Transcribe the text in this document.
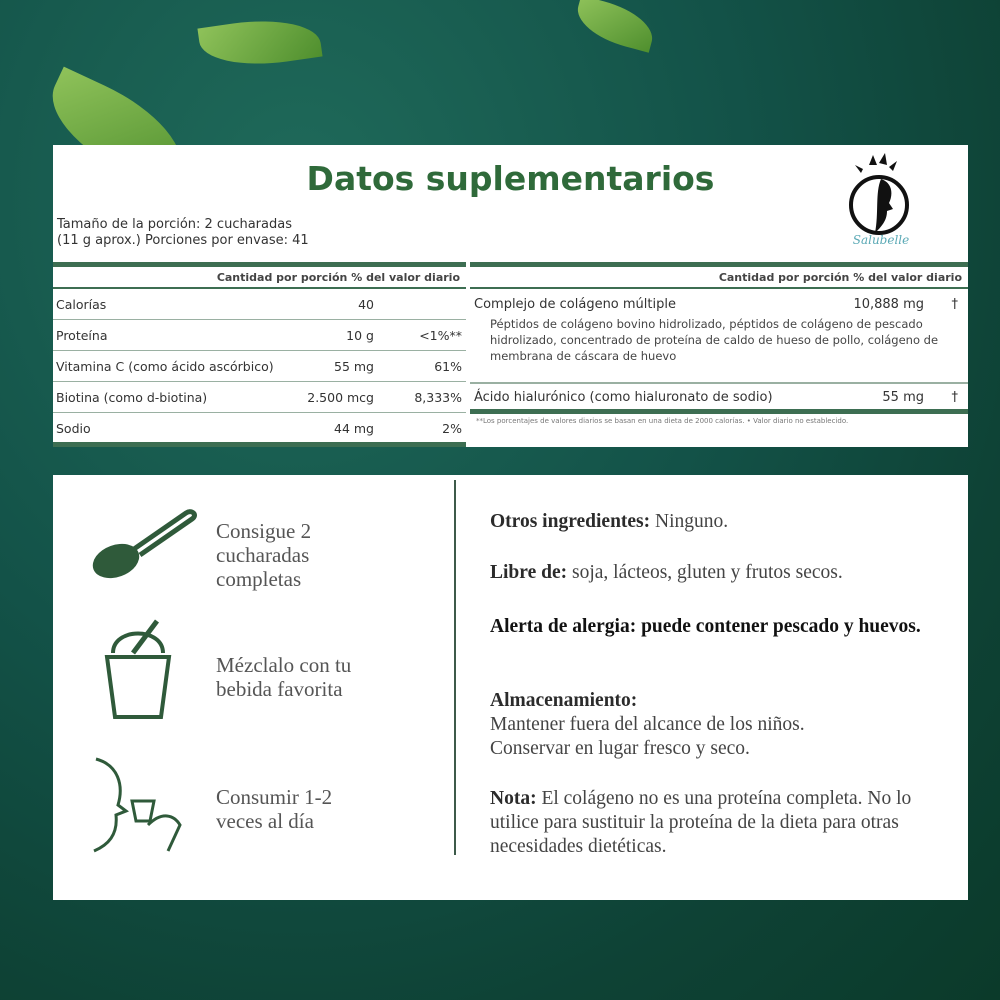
Datos suplementarios
Salubelle
Tamaño de la porción: 2 cucharadas
(11 g aprox.) Porciones por envase: 41
Cantidad por porción % del valor diario
Calorías	40
Proteína	10 g	<1%**
Vitamina C (como ácido ascórbico)	55 mg	61%
Biotina (como d-biotina)	2.500 mcg	8,333%
Sodio	44 mg	2%
Cantidad por porción % del valor diario
Complejo de colágeno múltiple	10,888 mg	†
Péptidos de colágeno bovino hidrolizado, péptidos de colágeno de pescado hidrolizado, concentrado de proteína de caldo de hueso de pollo, colágeno de membrana de cáscara de huevo
Ácido hialurónico (como hialuronato de sodio)	55 mg	†
**Los porcentajes de valores diarios se basan en una dieta de 2000 calorías. • Valor diario no establecido.
Consigue 2
cucharadas
completas
Mézclalo con tu
bebida favorita
Consumir 1-2
veces al día
Otros ingredientes: Ninguno.
Libre de: soja, lácteos, gluten y frutos secos.
Alerta de alergia: puede contener pescado y huevos.
Almacenamiento:
Mantener fuera del alcance de los niños.
Conservar en lugar fresco y seco.
Nota: El colágeno no es una proteína completa. No lo utilice para sustituir la proteína de la dieta para otras necesidades dietéticas.
